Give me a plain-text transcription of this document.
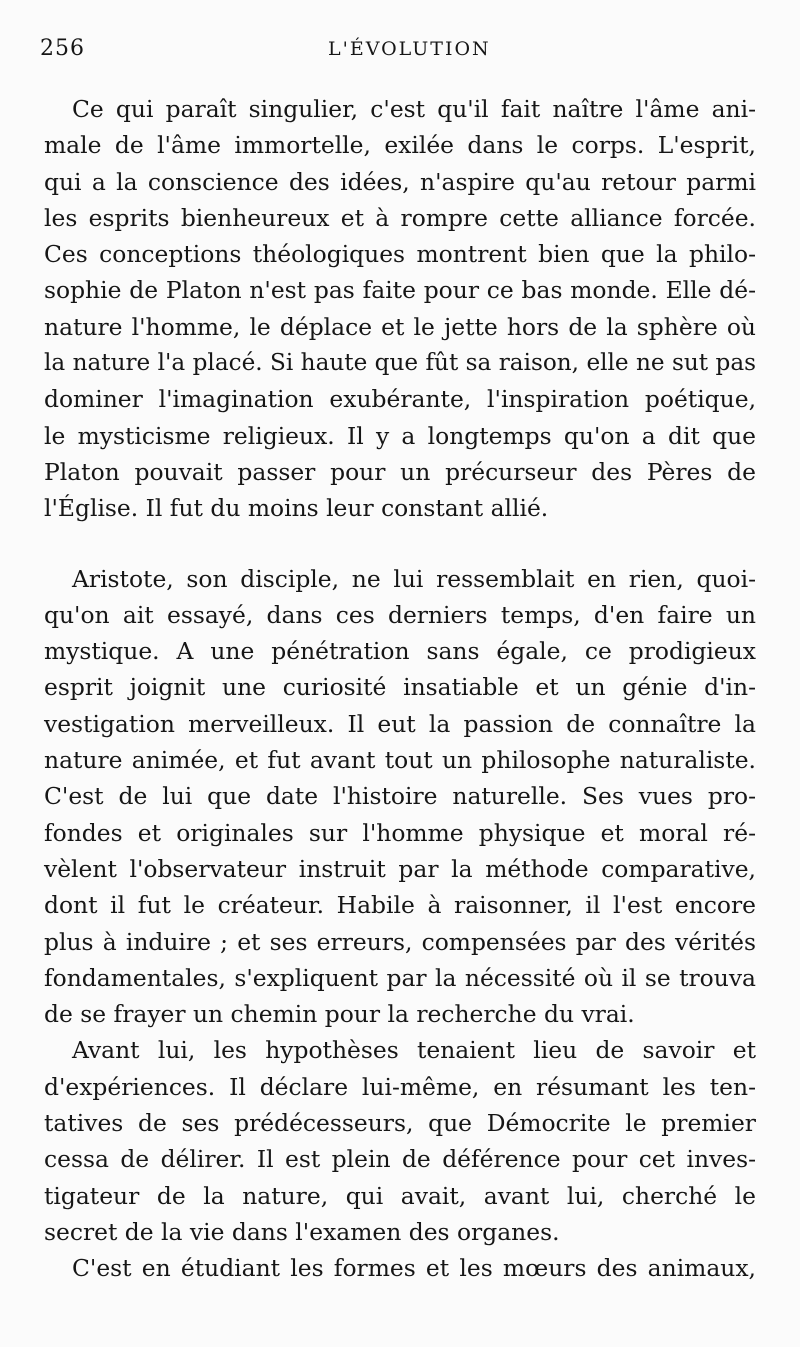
256	L'ÉVOLUTION
Ce qui paraît singulier, c'est qu'il fait naître l'âme ani-
male de l'âme immortelle, exilée dans le corps. L'esprit,
qui a la conscience des idées, n'aspire qu'au retour parmi
les esprits bienheureux et à rompre cette alliance forcée.
Ces conceptions théologiques montrent bien que la philo-
sophie de Platon n'est pas faite pour ce bas monde. Elle dé-
nature l'homme, le déplace et le jette hors de la sphère où
la nature l'a placé. Si haute que fût sa raison, elle ne sut pas
dominer l'imagination exubérante, l'inspiration poétique,
le mysticisme religieux. Il y a longtemps qu'on a dit que
Platon pouvait passer pour un précurseur des Pères de
l'Église. Il fut du moins leur constant allié.
Aristote, son disciple, ne lui ressemblait en rien, quoi-
qu'on ait essayé, dans ces derniers temps, d'en faire un
mystique. A une pénétration sans égale, ce prodigieux
esprit joignit une curiosité insatiable et un génie d'in-
vestigation merveilleux. Il eut la passion de connaître la
nature animée, et fut avant tout un philosophe naturaliste.
C'est de lui que date l'histoire naturelle. Ses vues pro-
fondes et originales sur l'homme physique et moral ré-
vèlent l'observateur instruit par la méthode comparative,
dont il fut le créateur. Habile à raisonner, il l'est encore
plus à induire ; et ses erreurs, compensées par des vérités
fondamentales, s'expliquent par la nécessité où il se trouva
de se frayer un chemin pour la recherche du vrai.
Avant lui, les hypothèses tenaient lieu de savoir et
d'expériences. Il déclare lui-même, en résumant les ten-
tatives de ses prédécesseurs, que Démocrite le premier
cessa de délirer. Il est plein de déférence pour cet inves-
tigateur de la nature, qui avait, avant lui, cherché le
secret de la vie dans l'examen des organes.
C'est en étudiant les formes et les mœurs des animaux,
